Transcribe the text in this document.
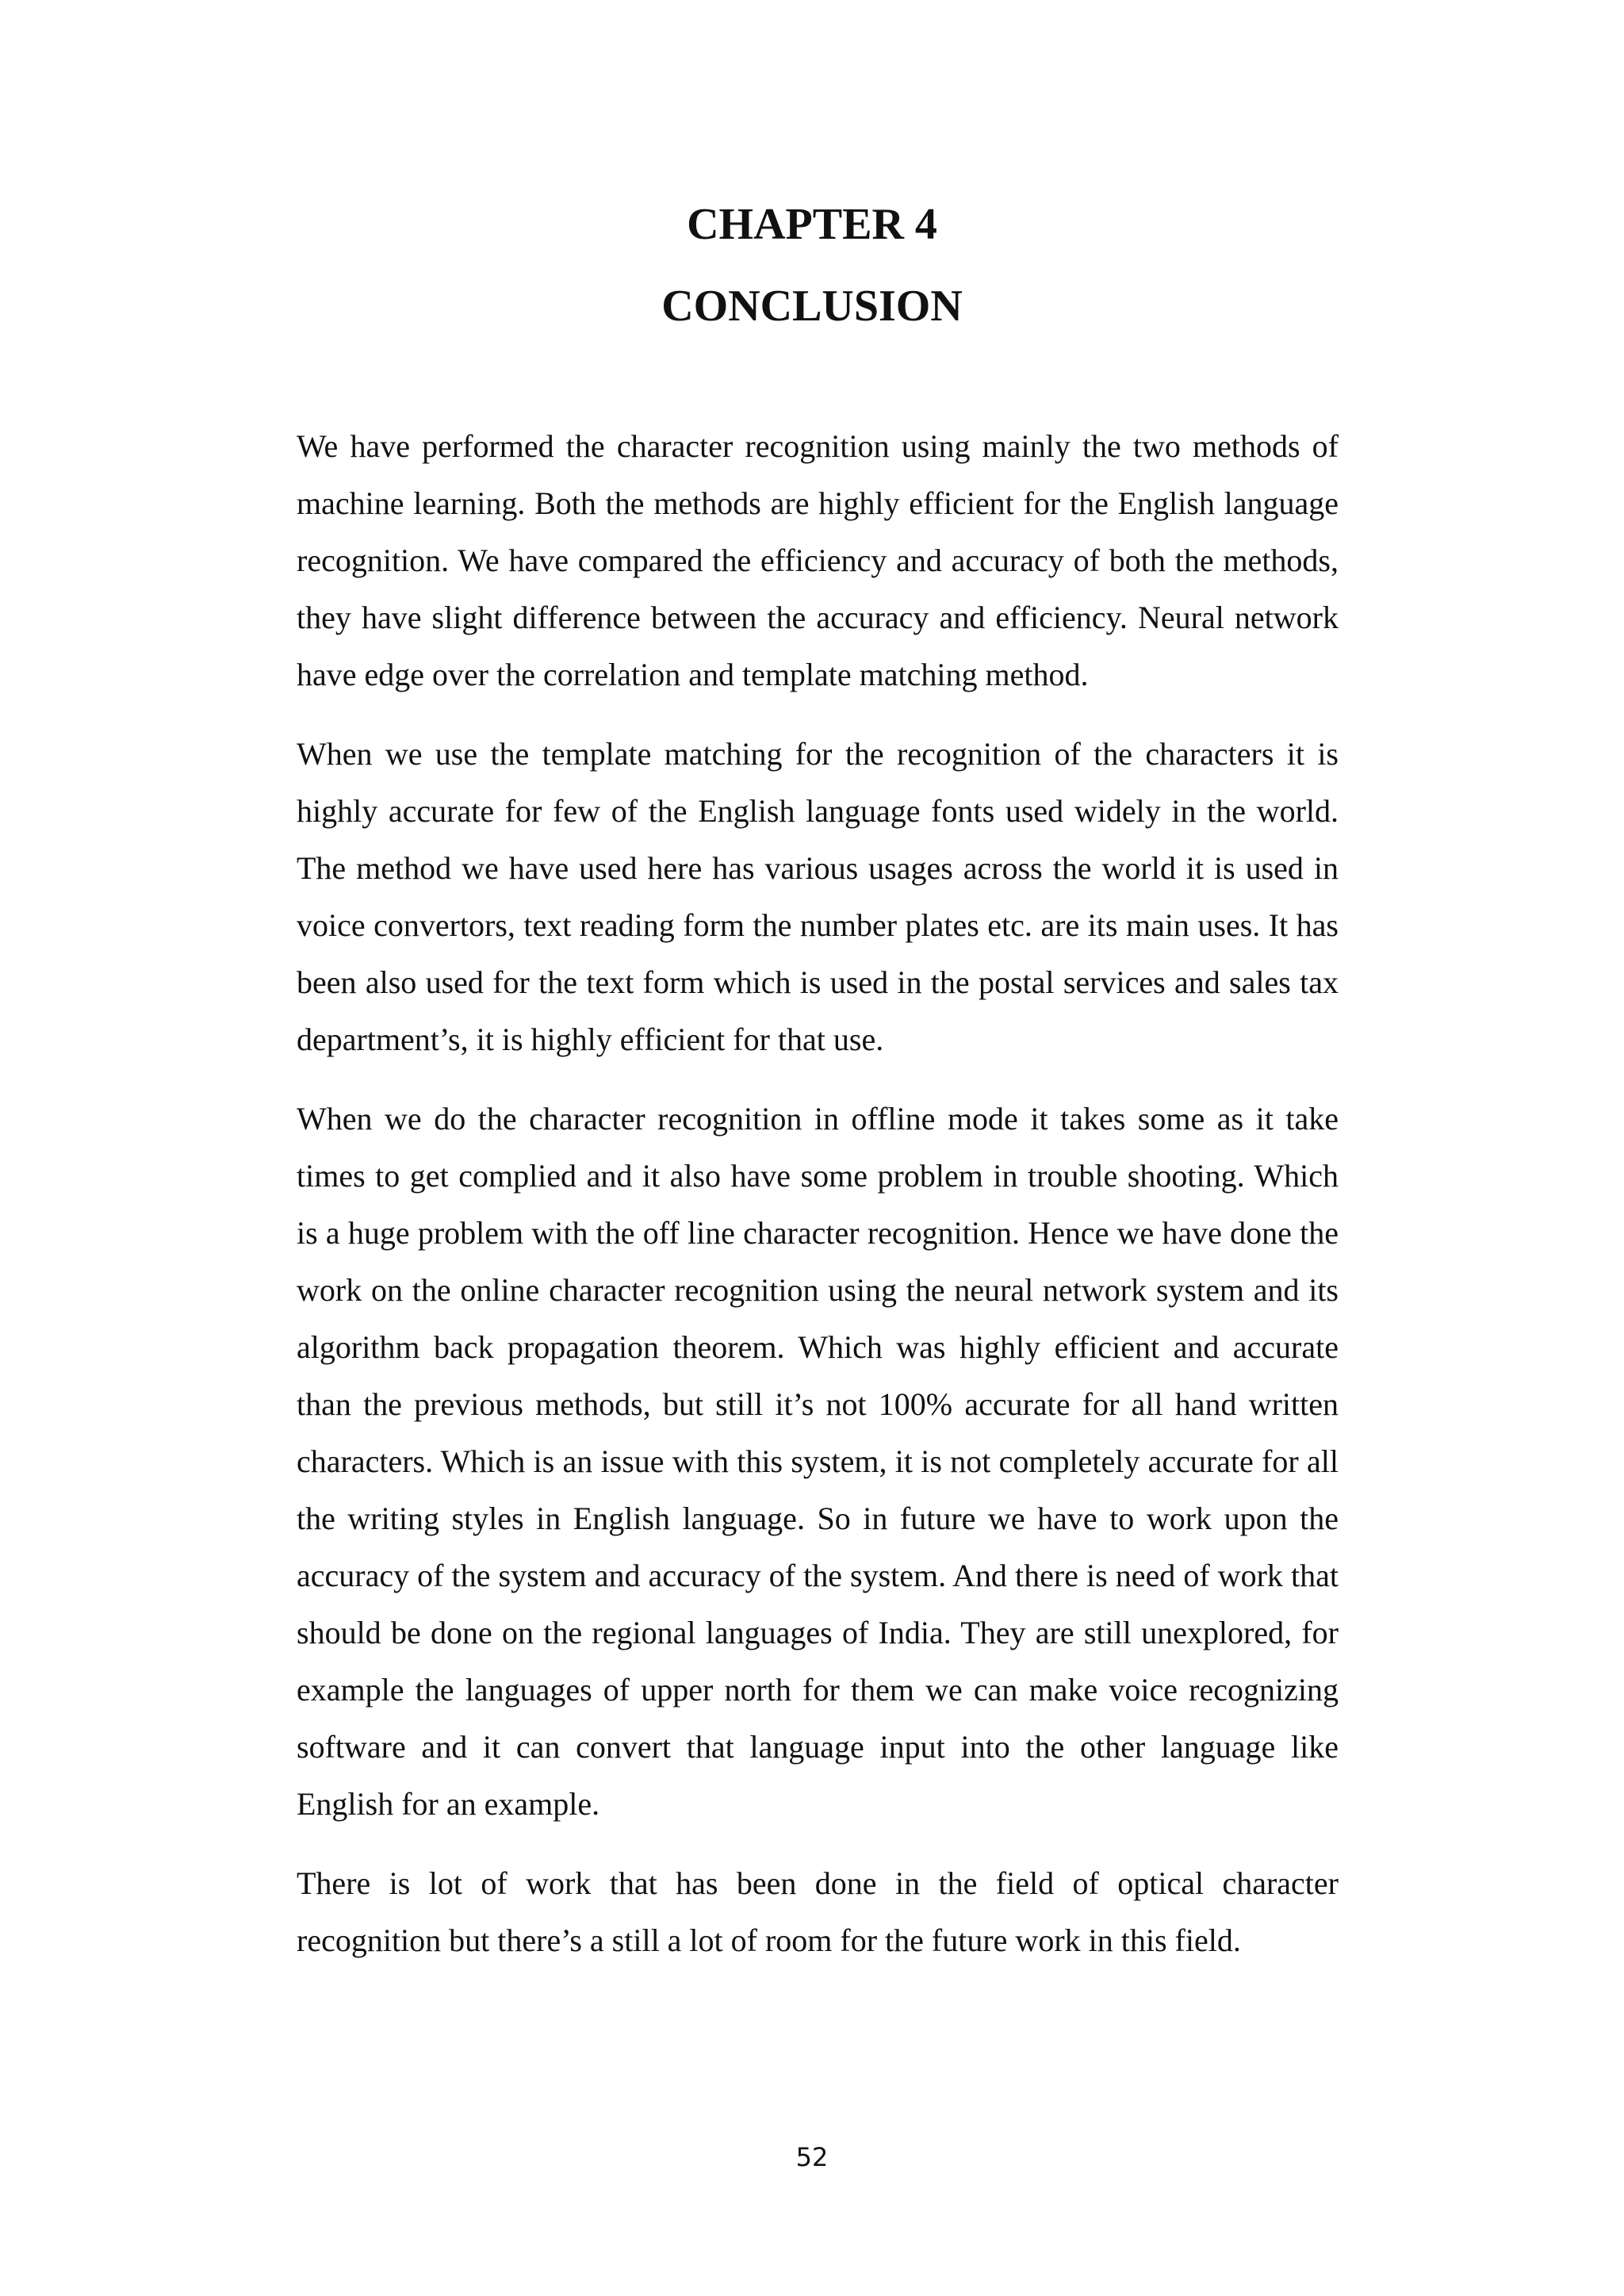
CHAPTER 4
CONCLUSION

We have performed the character recognition using mainly the two methods of machine learning. Both the methods are highly efficient for the English language recognition. We have compared the efficiency and accuracy of both the methods, they have slight difference between the accuracy and efficiency. Neural network have edge over the correlation and template matching method.

When we use the template matching for the recognition of the characters it is highly accurate for few of the English language fonts used widely in the world. The method we have used here has various usages across the world it is used in voice convertors, text reading form the number plates etc. are its main uses. It has been also used for the text form which is used in the postal services and sales tax department’s, it is highly efficient for that use.

When we do the character recognition in offline mode it takes some as it take times to get complied and it also have some problem in trouble shooting. Which is a huge problem with the off line character recognition. Hence we have done the work on the online character recognition using the neural network system and its algorithm back propagation theorem. Which was highly efficient and accurate than the previous methods, but still it’s not 100% accurate for all hand written characters. Which is an issue with this system, it is not completely accurate for all the writing styles in English language. So in future we have to work upon the accuracy of the system and accuracy of the system. And there is need of work that should be done on the regional languages of India. They are still unexplored, for example the languages of upper north for them we can make voice recognizing software and it can convert that language input into the other language like English for an example.

There is lot of work that has been done in the field of optical character recognition but there’s a still a lot of room for the future work in this field.

52
